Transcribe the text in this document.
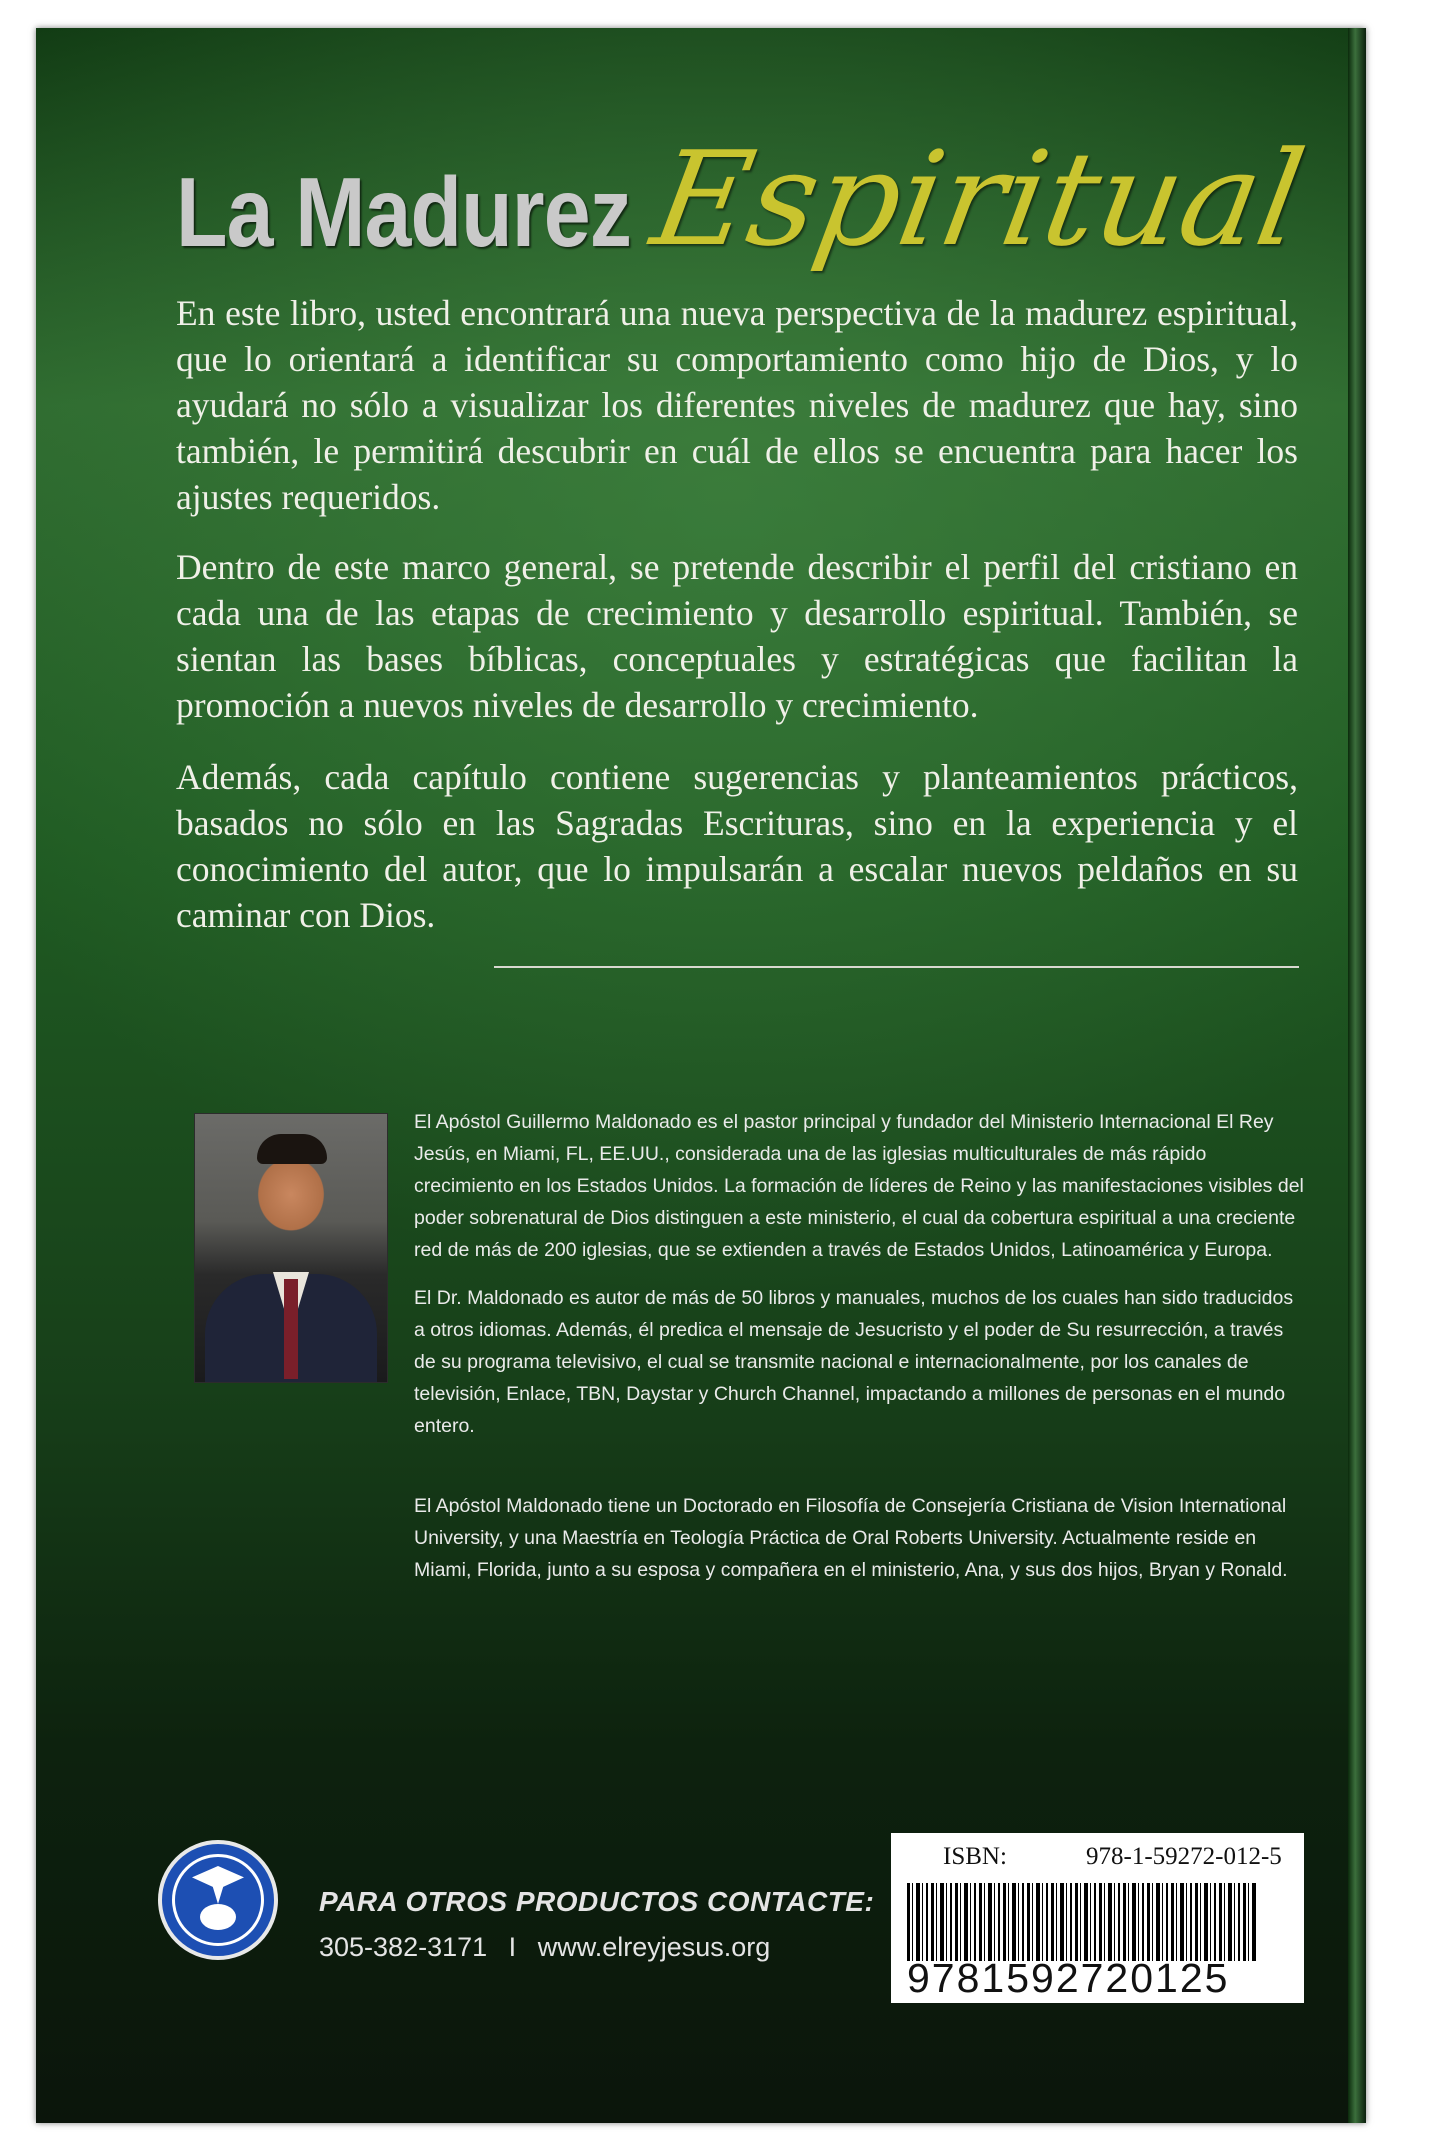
La Madurez Espiritual
En este libro, usted encontrará una nueva perspectiva de la madurez espiritual, que lo orientará a identificar su comportamiento como hijo de Dios, y lo ayudará no sólo a visualizar los diferentes niveles de madurez que hay, sino también, le permitirá descubrir en cuál de ellos se encuentra para hacer los ajustes requeridos.
Dentro de este marco general, se pretende describir el perfil del cristiano en cada una de las etapas de crecimiento y desarrollo espiritual. También, se sientan las bases bíblicas, conceptuales y estratégicas que facilitan la promoción a nuevos niveles de desarrollo y crecimiento.
Además, cada capítulo contiene sugerencias y planteamientos prácticos, basados no sólo en las Sagradas Escrituras, sino en la experiencia y el conocimiento del autor, que lo impulsarán a escalar nuevos peldaños en su caminar con Dios.

El Apóstol Guillermo Maldonado es el pastor principal y fundador del Ministerio Internacional El Rey Jesús, en Miami, FL, EE.UU., considerada una de las iglesias multiculturales de más rápido crecimiento en los Estados Unidos. La formación de líderes de Reino y las manifestaciones visibles del poder sobrenatural de Dios distinguen a este ministerio, el cual da cobertura espiritual a una creciente red de más de 200 iglesias, que se extienden a través de Estados Unidos, Latinoamérica y Europa.

El Dr. Maldonado es autor de más de 50 libros y manuales, muchos de los cuales han sido traducidos a otros idiomas. Además, él predica el mensaje de Jesucristo y el poder de Su resurrección, a través de su programa televisivo, el cual se transmite nacional e internacionalmente, por los canales de televisión, Enlace, TBN, Daystar y Church Channel, impactando a millones de personas en el mundo entero.

El Apóstol Maldonado tiene un Doctorado en Filosofía de Consejería Cristiana de Vision International University, y una Maestría en Teología Práctica de Oral Roberts University. Actualmente reside en Miami, Florida, junto a su esposa y compañera en el ministerio, Ana, y sus dos hijos, Bryan y Ronald.

PARA OTROS PRODUCTOS CONTACTE:
305-382-3171 I www.elreyjesus.org
ISBN:	978-1-59272-012-5
9781592720125
